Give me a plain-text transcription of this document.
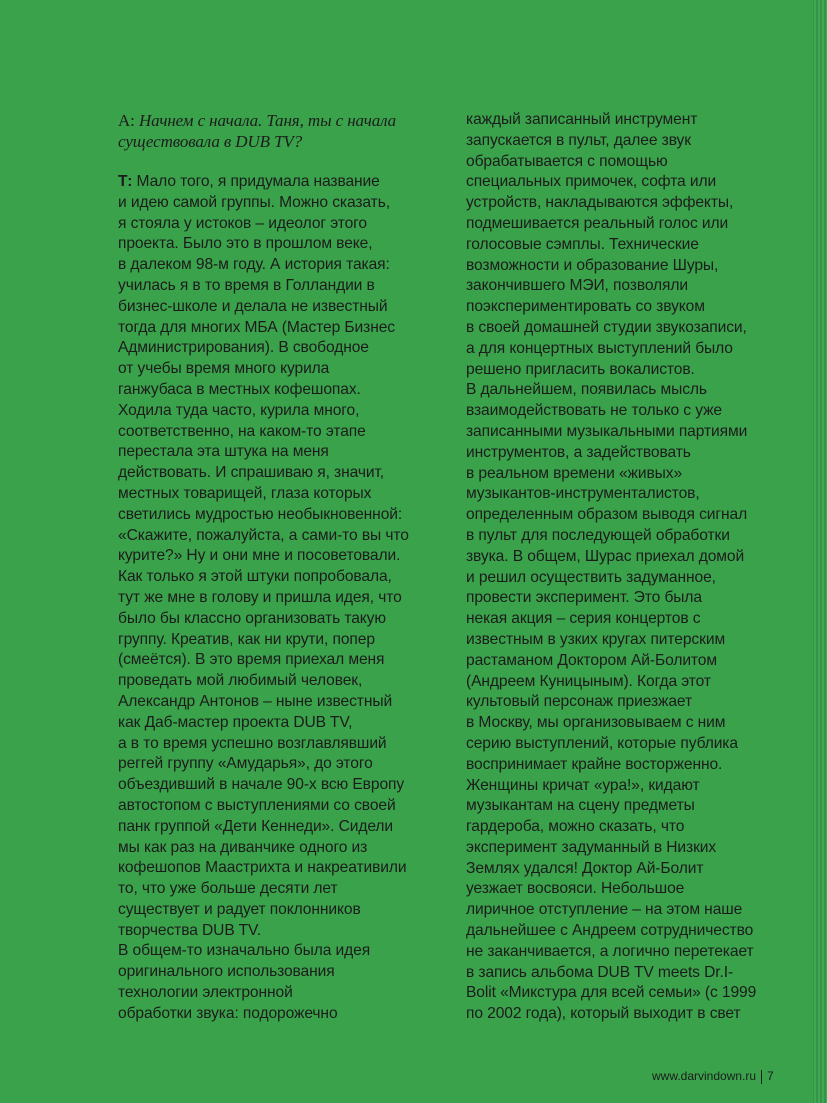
А: Начнем с начала. Таня, ты с начала
существовала в DUB TV?
Т: Мало того, я придумала название
и идею самой группы. Можно сказать,
я стояла у истоков – идеолог этого
проекта. Было это в прошлом веке,
в далеком 98-м году. А история такая:
училась я в то время в Голландии в
бизнес-школе и делала не известный
тогда для многих МБА (Мастер Бизнес
Администрирования). В свободное
от учебы время много курила
ганжубаса в местных кофешопах.
Ходила туда часто, курила много,
соответственно, на каком-то этапе
перестала эта штука на меня
действовать. И спрашиваю я, значит,
местных товарищей, глаза которых
светились мудростью необыкновенной:
«Скажите, пожалуйста, а сами-то вы что
курите?» Ну и они мне и посоветовали.
Как только я этой штуки попробовала,
тут же мне в голову и пришла идея, что
было бы классно организовать такую
группу. Креатив, как ни крути, попер
(смеётся). В это время приехал меня
проведать мой любимый человек,
Александр Антонов – ныне известный
как Даб-мастер проекта DUB TV,
а в то время успешно возглавлявший
реггей группу «Амударья», до этого
объездивший в начале 90-х всю Европу
автостопом с выступлениями со своей
панк группой «Дети Кеннеди». Сидели
мы как раз на диванчике одного из
кофешопов Маастрихта и накреативили
то, что уже больше десяти лет
существует и радует поклонников
творчества DUB TV.
В общем-то изначально была идея
оригинального использования
технологии электронной
обработки звука: подорожечно
каждый записанный инструмент
запускается в пульт, далее звук
обрабатывается с помощью
специальных примочек, софта или
устройств, накладываются эффекты,
подмешивается реальный голос или
голосовые сэмплы. Технические
возможности и образование Шуры,
закончившего МЭИ, позволяли
поэкспериментировать со звуком
в своей домашней студии звукозаписи,
а для концертных выступлений было
решено пригласить вокалистов.
В дальнейшем, появилась мысль
взаимодействовать не только с уже
записанными музыкальными партиями
инструментов, а задействовать
в реальном времени «живых»
музыкантов-инструменталистов,
определенным образом выводя сигнал
в пульт для последующей обработки
звука. В общем, Шурас приехал домой
и решил осуществить задуманное,
провести эксперимент. Это была
некая акция – серия концертов с
известным в узких кругах питерским
растаманом Доктором Ай-Болитом
(Андреем Куницыным). Когда этот
культовый персонаж приезжает
в Москву, мы организовываем с ним
серию выступлений, которые публика
воспринимает крайне восторженно.
Женщины кричат «ура!», кидают
музыкантам на сцену предметы
гардероба, можно сказать, что
эксперимент задуманный в Низких
Землях удался! Доктор Ай-Болит
уезжает восвояси. Небольшое
лиричное отступление – на этом наше
дальнейшее с Андреем сотрудничество
не заканчивается, а логично перетекает
в запись альбома DUB TV meets Dr.I-
Bolit «Микстура для всей семьи» (с 1999
по 2002 года), который выходит в свет
www.darvindown.ru 7
